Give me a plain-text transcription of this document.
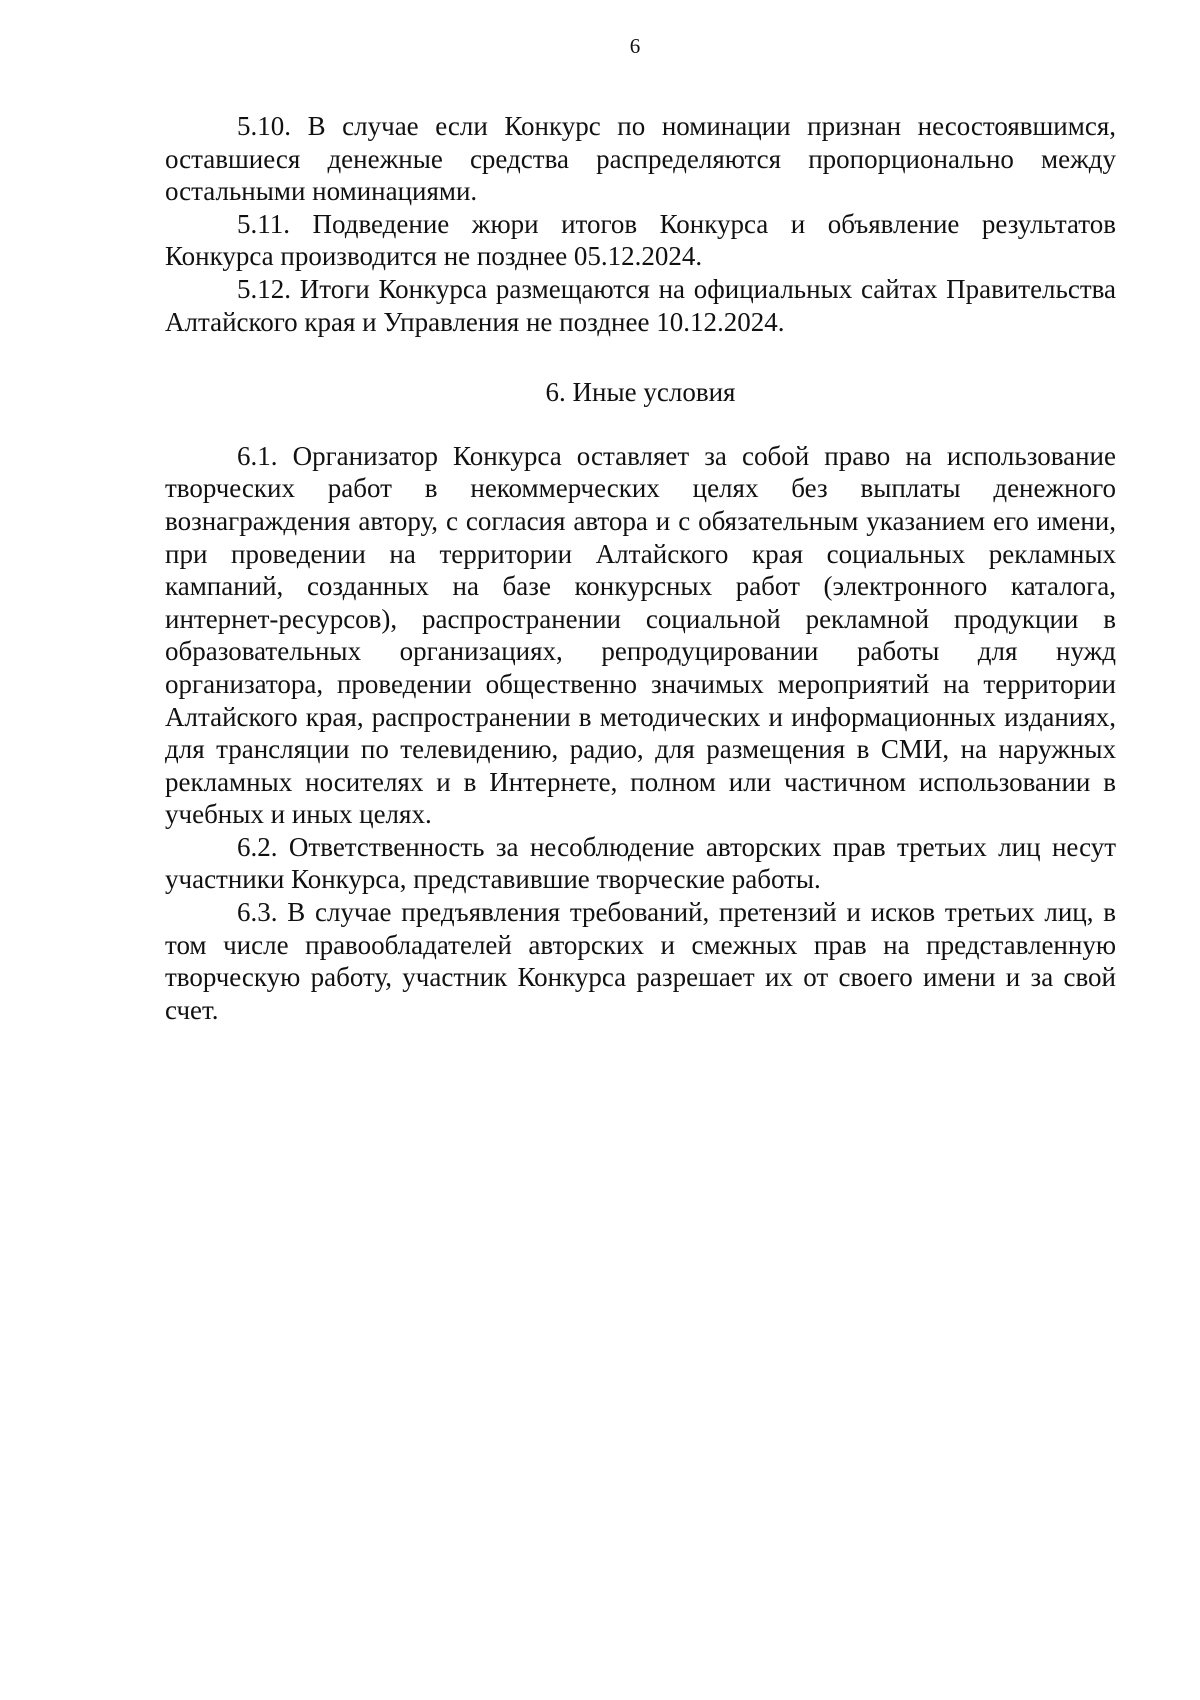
6

5.10. В случае если Конкурс по номинации признан несостоявшимся, оставшиеся денежные средства распределяются пропорционально между остальными номинациями.

5.11. Подведение жюри итогов Конкурса и объявление результатов Конкурса производится не позднее 05.12.2024.

5.12. Итоги Конкурса размещаются на официальных сайтах Правительства Алтайского края и Управления не позднее 10.12.2024.

6. Иные условия

6.1. Организатор Конкурса оставляет за собой право на использование творческих работ в некоммерческих целях без выплаты денежного вознаграждения автору, с согласия автора и с обязательным указанием его имени, при проведении на территории Алтайского края социальных рекламных кампаний, созданных на базе конкурсных работ (электронного каталога, интернет-ресурсов), распространении социальной рекламной продукции в образовательных организациях, репродуцировании работы для нужд организатора, проведении общественно значимых мероприятий на территории Алтайского края, распространении в методических и информационных изданиях, для трансляции по телевидению, радио, для размещения в СМИ, на наружных рекламных носителях и в Интернете, полном или частичном использовании в учебных и иных целях.

6.2. Ответственность за несоблюдение авторских прав третьих лиц несут участники Конкурса, представившие творческие работы.

6.3. В случае предъявления требований, претензий и исков третьих лиц, в том числе правообладателей авторских и смежных прав на представленную творческую работу, участник Конкурса разрешает их от своего имени и за свой счет.
